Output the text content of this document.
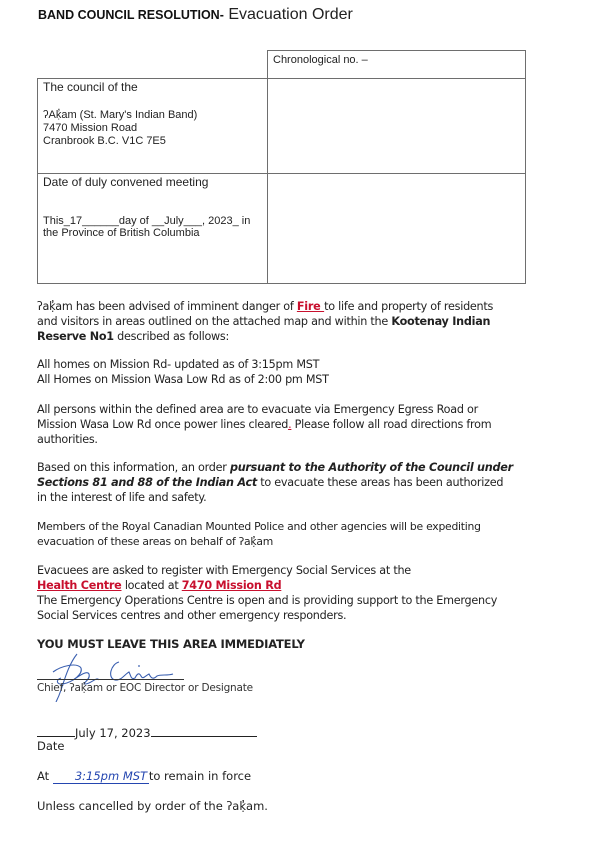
BAND COUNCIL RESOLUTION- Evacuation Order
Chronological no. –
The council of the
ʔAḳ̓am (St. Mary's Indian Band)
7470 Mission Road
Cranbrook B.C. V1C 7E5
Date of duly convened meeting
This_17______day of __July___, 2023_ in
the Province of British Columbia
ʔaḳ̓am has been advised of imminent danger of Fire to life and property of residents
and visitors in areas outlined on the attached map and within the Kootenay Indian
Reserve No1 described as follows:
All homes on Mission Rd- updated as of 3:15pm MST
All Homes on Mission Wasa Low Rd as of 2:00 pm MST
All persons within the defined area are to evacuate via Emergency Egress Road or
Mission Wasa Low Rd once power lines cleared. Please follow all road directions from
authorities.
Based on this information, an order pursuant to the Authority of the Council under
Sections 81 and 88 of the Indian Act to evacuate these areas has been authorized
in the interest of life and safety.
Members of the Royal Canadian Mounted Police and other agencies will be expediting
evacuation of these areas on behalf of ʔaḳ̓am
Evacuees are asked to register with Emergency Social Services at the
Health Centre located at 7470 Mission Rd
The Emergency Operations Centre is open and is providing support to the Emergency
Social Services centres and other emergency responders.
YOU MUST LEAVE THIS AREA IMMEDIATELY
Chief, ʔaḳ̓am or EOC Director or Designate
July 17, 2023
Date
At 3:15pm MST to remain in force
Unless cancelled by order of the ʔaḳ̓am.
